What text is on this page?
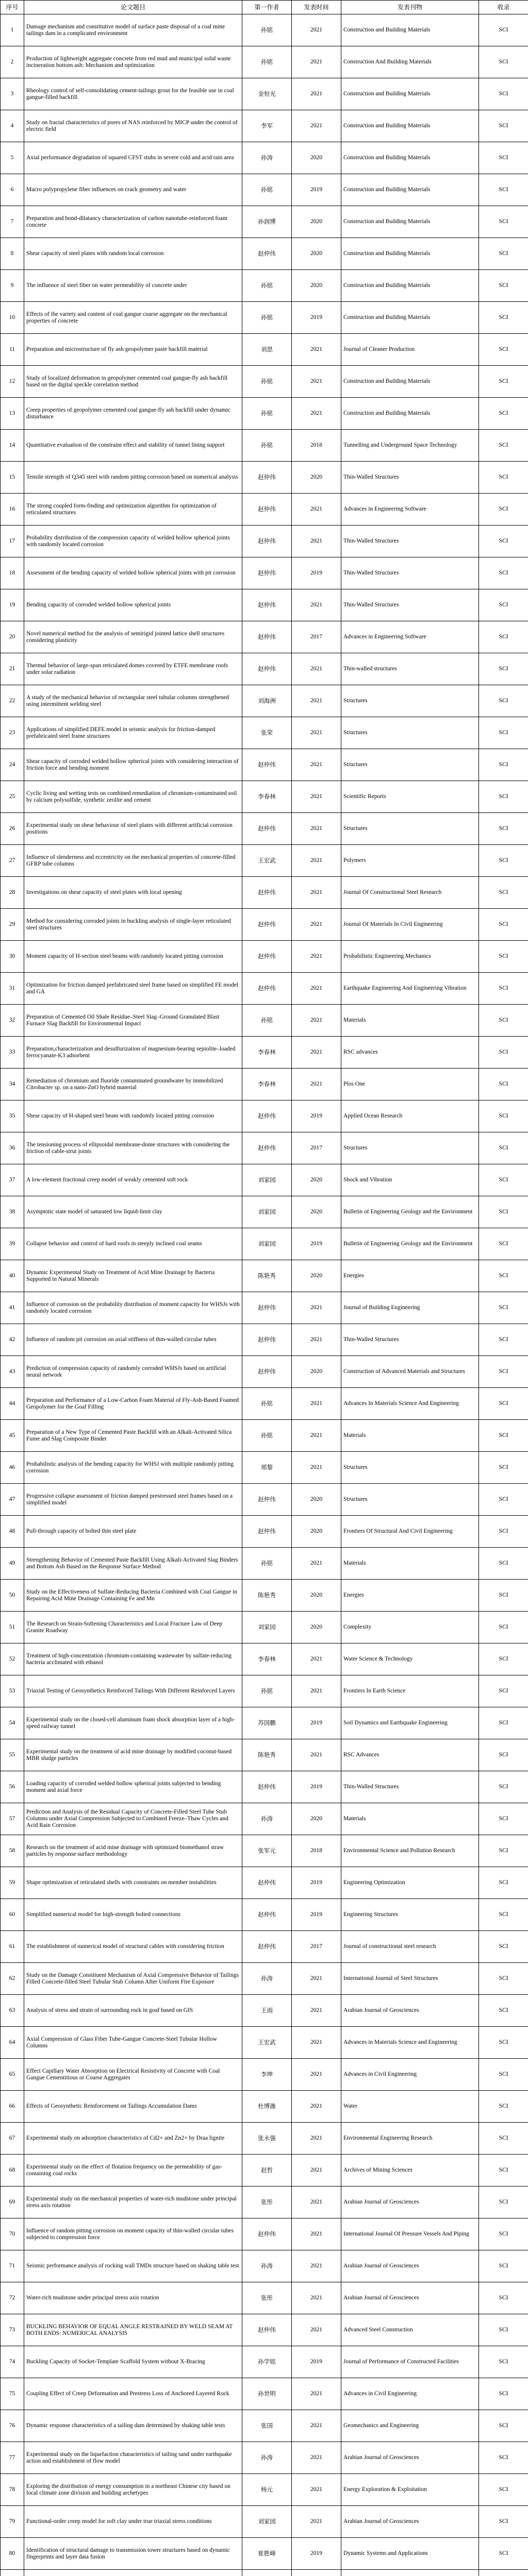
序号	论文题目	第一作者	发表时间	发表刊物	收录
1	Damage mechanism and constitutive model of surface paste disposal of a coal mine tailings dam in a complicated environment	孙铭	2021	Construction and Building Materials	SCI
2	Production of lightweight aggregate concrete from red mud and municipal solid waste incineration bottom ash: Mechanism and optimization	孙铭	2021	Construction And Building Materials	SCI
3	Rheology control of self-consolidating cement-tailings grout for the feasible use in coal gangue-filled backfill	金恒光	2021	Construction and Building Materials	SCI
4	Study on fractal characteristics of pores of NAS reinforced by MICP under the control of electric field	李军	2021	Construction and Building Materials	SCI
5	Axial performance degradation of squared CFST stubs in severe cold and acid rain area	孙涛	2020	Construction and Building Materials	SCI
6	Macro polypropylene fiber influences on crack geometry and water	孙铭	2019	Construction and Building Materials	SCI
7	Preparation and bond-dilatancy characterization of carbon nanotube-reinforced foam concrete	孙润博	2020	Construction and Building Materials	SCI
8	Shear capacity of steel plates with random local corrosion	赵仲伟	2020	Construction and Building Materials	SCI
9	The influence of steel fiber on water permeability of concrete under	孙铭	2020	Construction and Building Materials	SCI
10	Effects of the variety and content of coal gangue coarse aggregate on the mechanical properties of concrete	孙铭	2019	Construction and Building Materials	SCI
11	Preparation and microstructure of fly ash geopolymer paste backfill material	刘思	2021	Journal of Cleaner Production	SCI
12	Study of localized deformation in geopolymer cemented coal gangue-fly ash backfill based on the digital speckle correlation method	孙铭	2021	Construction and Building Materials	SCI
13	Creep properties of geopolymer cemented coal gangue-fly ash backfill under dynamic disturbance	孙铭	2021	Construction and Building Materials	SCI
14	Quantitative evaluation of the constraint effect and stability of tunnel lining support	孙铭	2018	Tunnelling and Underground Space Technology	SCI
15	Tensile strength of Q345 steel with random pitting corrosion based on numerical analysis	赵仲伟	2020	Thin-Walled Structures	SCI
16	The strong coupled form-finding and optimization algorithm for optimization of reticulated structures	赵仲伟	2021	Advances in Engineering Software	SCI
17	Probability distribution of the compression capacity of welded hollow spherical joints with randomly located corrosion	赵仲伟	2021	Thin-Walled Structures	SCI
18	Assessment of the bending capacity of welded hollow spherical joints with pit corrosion	赵仲伟	2019	Thin-Walled Structures	SCI
19	Bending capacity of corroded welded hollow spherical joints	赵仲伟	2021	Thin-Walled Structures	SCI
20	Novel numerical method for the analysis of semirigid jointed lattice shell structures considering plasticity	赵仲伟	2017	Advances in Engineering Software	SCI
21	Thermal behavior of large-span reticulated domes covered by ETFE membrane roofs under solar radiation	赵仲伟	2021	Thin-walled structures	SCI
22	A study of the mechanical behavior of rectangular steel tubular columns strengthened using intermittent welding steel	刘海洲	2021	Structures	SCI
23	Applications of simplified DEFE model in seismic analysis for friction-damped prefabricated steel frame structures	张荣	2021	Structures	SCI
24	Shear capacity of corroded welded hollow spherical joints with considering interaction of friction force and bending moment	赵仲伟	2021	Structures	SCI
25	Cyclic living and wetting tests on combined remediation of chromium-contaminated soil by calcium polysulfide, synthetic zeolite and cement	李春林	2021	Scientific Reports	SCI
26	Experimental study on shear behaviour of steel plates with different artificial corrosion positions	赵仲伟	2021	Structures	SCI
27	Influence of slenderness and eccentricity on the mechanical properties of concrete-filled GFRP tube columns	王宏武	2021	Polymers	SCI
28	Investigations on shear capacity of steel plates with local opening	赵仲伟	2021	Journal Of Constructional Steel Research	SCI
29	Method for considering corroded joints in buckling analysis of single-layer reticulated steel structures	赵仲伟	2021	Journal Of Materials In Civil Engineering	SCI
30	Moment capacity of H-section steel beams with randomly located pitting corrosion	赵仲伟	2021	Probabilistic Engineering Mechanics	SCI
31	Optimization for friction damped prefabricated steel frame based on simplified FE model and GA	赵仲伟	2021	Earthquake Engineering And Engineering Vibration	SCI
32	Preparation of Cemented Oil Shale Residue–Steel Slag–Ground Granulated Blast Furnace Slag Backfill for Environmental Impact	孙铭	2021	Materials	SCI
33	Preparation,characterization and desulfurization of magnesium-bearing sepiolite–loaded ferrocyanate-K3 adsorbent	李春林	2021	RSC advances	SCI
34	Remediation of chromium and fluoride contaminated groundwater by immobilized Citrobacter sp. on a nano-ZnO hybrid material	李春林	2021	Plos One	SCI
35	Shear capacity of H-shaped steel beam with randomly located pitting corrosion	赵仲伟	2019	Applied Ocean Research	SCI
36	The tensioning process of ellipsoidal membrane-dome structures with considering the friction of cable-strut joints	赵仲伟	2017	Structures	SCI
37	A low-element fractional creep model of weakly cemented soft rock	刘家园	2020	Shock and Vibration	SCI
38	Asymptotic state model of saturated low liquid-limit clay	刘家园	2020	Bulletin of Engineering Geology and the Environment	SCI
39	Collapse behavior and control of hard roofs in steeply inclined coal seams	刘家园	2019	Bulletin of Engineering Geology and the Environment	SCI
40	Dynamic Experimental Study on Treatment of Acid Mine Drainage by Bacteria Supported in Natural Minerals	陈艳秀	2020	Energies	SCI
41	Influence of corrosion on the probability distribution of moment capacity for WHSJs with randomly located corrosion	赵仲伟	2021	Journal of Building Engineering	SCI
42	Influence of random pit corrosion on axial stiffness of thin-walled circular tubes	赵仲伟	2021	Thin-Walled Structures	SCI
43	Prediction of compression capacity of randomly corroded WHSJs based on artificial neural network	赵仲伟	2020	Construction of Advanced Materials and Structures	SCI
44	Preparation and Performance of a Low-Carbon Foam Material of Fly-Ash-Based Foamed Geopolymer for the Goaf Filling	孙铭	2021	Advances In Materials Science And Engineering	SCI
45	Preparation of a New Type of Cemented Paste Backfill with an Alkali-Activated Silica Fume and Slag Composite Binder	孙铭	2021	Materials	SCI
46	Probabilistic analysis of the bending capacity for WHSJ with multiple randomly pitting corrosion	邢黎	2021	Structures	SCI
47	Progressive collapse assessment of friction damped prestressed steel frames based on a simplified model	赵仲伟	2020	Structures	SCI
48	Pull-through capacity of bolted thin steel plate	赵仲伟	2020	Frontiers Of Structural And Civil Engineering	SCI
49	Strengthening Behavior of Cemented Paste Backfill Using Alkali-Activated Slag Binders and Bottom Ash Based on the Response Surface Method	孙铭	2021	Materials	SCI
50	Study on the Effectiveness of Sulfate-Reducing Bacteria Combined with Coal Gangue in Repairing Acid Mine Drainage Containing Fe and Mn	陈艳秀	2020	Energies	SCI
51	The Research on Strain-Softening Characteristics and Local Fracture Law of Deep Granite Roadway	刘家园	2020	Complexity	SCI
52	Treatment of high-concentration chromium-containing wastewater by sulfate-reducing bacteria acclimated with ethanol	李春林	2021	Water Science & Technology	SCI
53	Triaxial Testing of Geosynthetics Reinforced Tailings With Different Reinforced Layers	孙铭	2021	Frontiers In Earth Science	SCI
54	Experimental study on the closed-cell aluminum foam shock absorption layer of a high-speed railway tunnel	苏国鹏	2019	Soil Dynamics and Earthquake Engineering	SCI
55	Experimental study on the treatment of acid mine drainage by modified coconut-based MBR sludge particles	陈艳秀	2021	RSC Advances	SCI
56	Loading capacity of corroded welded hollow spherical joints subjected to bending moment and axial force	赵仲伟	2019	Thin-Walled Structures	SCI
57	Prediction and Analysis of the Residual Capacity of Concrete-Filled Steel Tube Stub Columns under Axial Compression Subjected to Combined Freeze–Thaw Cycles and Acid Rain Corrosion	孙涛	2020	Materials	SCI
58	Research on the treatment of acid mine drainage with optimized biomethanol straw particles by response surface methodology	张军元	2018	Environmental Science and Pollution Research	SCI
59	Shape optimization of reticulated shells with constraints on member instabilities	赵仲伟	2019	Engineering Optimization	SCI
60	Simplified numerical model for high-strength bolted connections	赵仲伟	2019	Engineering Structures	SCI
61	The establishment of numerical model of structural cables with considering friction	赵仲伟	2017	Journal of constructional steel research	SCI
62	Study on the Damage Constituent Mechanism of Axial Compressive Behavior of Tailings Filled Concrete-filled Steel Tubular Stub Column After Uniform Fire Exposure	孙涛	2021	International Journal of Steel Structures	SCI
63	Analysis of stress and strain of surrounding rock in goaf based on GIS	王雨	2021	Arabian Journal of Geosciences	SCI
64	Axial Compression of Glass Fiber Tube-Gangue Concrete-Steel Tubular Hollow Columns	王宏武	2021	Advances in Materials Science and Engineering	SCI
65	Effect Capillary Water Absorption on Electrical Resistivity of Concrete with Coal Gangue Cementitious or Coarse Aggregates	李坤	2021	Advances in Civil Engineering	SCI
66	Effects of Geosynthetic Reinforcement on Tailings Accumulation Dams	杜博潍	2021	Water	SCI
67	Experimental study on adsorption characteristics of Cd2+ and Zn2+ by Draa lignite	张永强	2021	Environmental Engineering Research	SCI
68	Experimental study on the effect of flotation frequency on the permeability of gas-containing coal rocks	赵哲	2021	Archives of Mining Sciences	SCI
69	Experimental study on the mechanical properties of water-rich mudstone under principal stress axis rotation	张彤	2021	Arabian Journal of Geosciences	SCI
70	Influence of random pitting corrosion on moment capacity of thin-walled circular tubes subjected to compression force	赵仲伟	2021	International Journal Of Pressure Vessels And Piping	SCI
71	Seismic performance analysis of rocking wall TMDs structure based on shaking table test	孙涛	2021	Arabian Journal of Geosciences	SCI
72	Water-rich mudstone under principal stress axis rotation	张彤	2021	Arabian Journal of Geosciences	SCI
73	BUCKLING BEHAVIOR OF EQUAL ANGLE RESTRAINED BY WELD SEAM AT BOTH ENDS: NUMERICAL ANALYSIS	赵仲伟	2021	Advanced Steel Construction	SCI
74	Buckling Capacity of Socket-Template Scaffold System without X-Bracing	孙学铭	2019	Journal of Performance of Constructed Facilities	SCI
75	Coupling Effect of Creep Deformation and Prestress Loss of Anchored Layered Rock	孙世明	2021	Advances in Civil Engineering	SCI
76	Dynamic response characteristics of a tailing dam determined by shaking table tests	张国	2021	Geomechanics and Engineering	SCI
77	Experimental study on the liquefaction characteristics of tailing sand under earthquake action and establishment of flow model	孙涛	2021	Arabian Journal of Geosciences	SCI
78	Exploring the distribution of energy consumption in a northeast Chinese city based on local climate zone division and building archetypes	杨元	2021	Energy Exploration & Exploitation	SCI
79	Functional-order creep model for soft clay under true triaxial stress conditions	刘家园	2021	Arabian Journal of Geosciences	SCI
80	Identification of structural damage to transmission tower structures based on dynamic fingerprints and layer data fusion	崔胜峰	2019	Dynamic Systems and Applications	SCI
